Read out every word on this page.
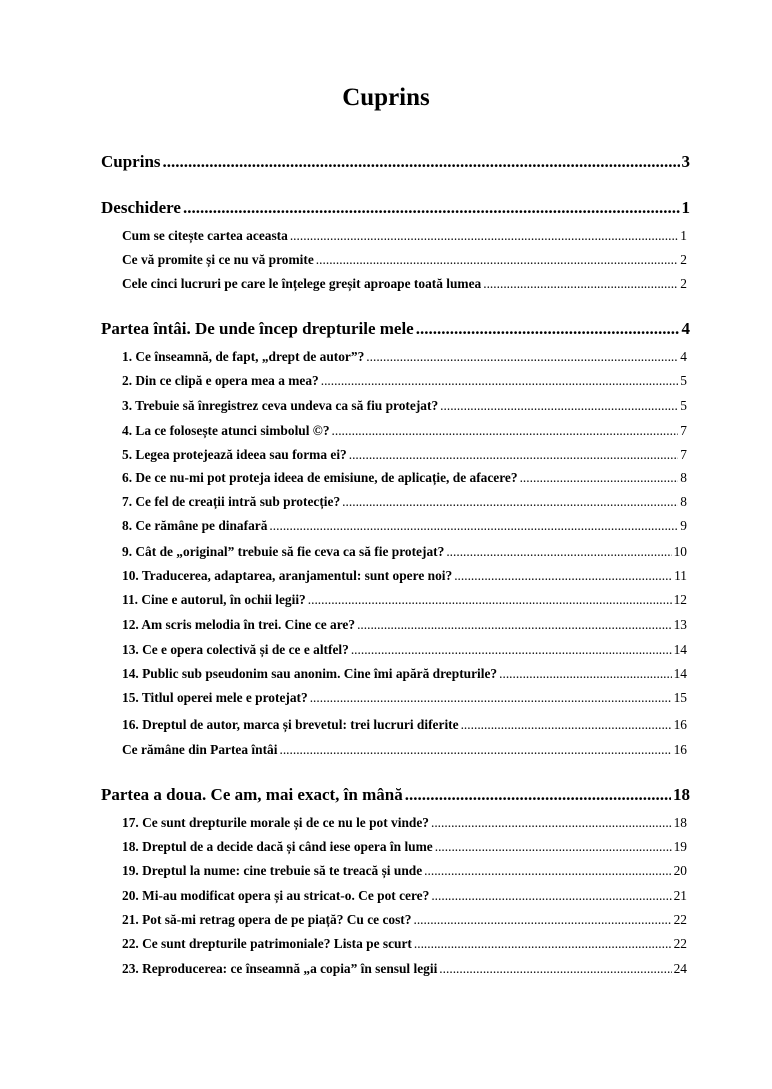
Cuprins
Cuprins .....	3
Deschidere .....	1
Cum se citește cartea aceasta .....	1
Ce vă promite și ce nu vă promite .....	2
Cele cinci lucruri pe care le înțelege greșit aproape toată lumea .....	2
Partea întâi. De unde încep drepturile mele .....	4
1. Ce înseamnă, de fapt, „drept de autor”? .....	4
2. Din ce clipă e opera mea a mea? .....	5
3. Trebuie să înregistrez ceva undeva ca să fiu protejat? .....	5
4. La ce folosește atunci simbolul ©? .....	7
5. Legea protejează ideea sau forma ei? .....	7
6. De ce nu-mi pot proteja ideea de emisiune, de aplicație, de afacere? .....	8
7. Ce fel de creații intră sub protecție? .....	8
8. Ce rămâne pe dinafară .....	9
9. Cât de „original” trebuie să fie ceva ca să fie protejat? .....	10
10. Traducerea, adaptarea, aranjamentul: sunt opere noi? .....	11
11. Cine e autorul, în ochii legii? .....	12
12. Am scris melodia în trei. Cine ce are? .....	13
13. Ce e opera colectivă și de ce e altfel? .....	14
14. Public sub pseudonim sau anonim. Cine îmi apără drepturile? .....	14
15. Titlul operei mele e protejat? .....	15
16. Dreptul de autor, marca și brevetul: trei lucruri diferite .....	16
Ce rămâne din Partea întâi .....	16
Partea a doua. Ce am, mai exact, în mână .....	18
17. Ce sunt drepturile morale și de ce nu le pot vinde? .....	18
18. Dreptul de a decide dacă și când iese opera în lume .....	19
19. Dreptul la nume: cine trebuie să te treacă și unde .....	20
20. Mi-au modificat opera și au stricat-o. Ce pot cere? .....	21
21. Pot să-mi retrag opera de pe piață? Cu ce cost? .....	22
22. Ce sunt drepturile patrimoniale? Lista pe scurt .....	22
23. Reproducerea: ce înseamnă „a copia” în sensul legii .....	24
